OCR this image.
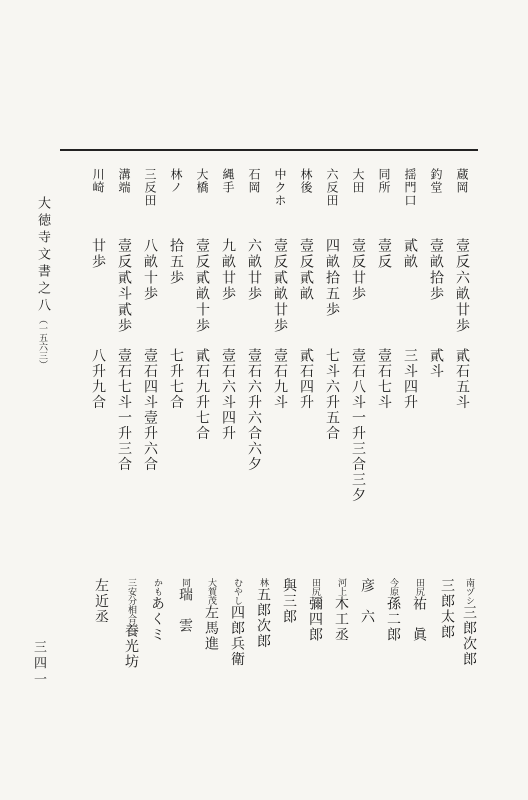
大徳寺文書之八（一五六三）
蔵岡
釣堂
揺門口
同所
大田
六反田
林後
中クホ
石岡
縄手
大橋
林ノ
三反田
溝端
川崎
壹反六畝廿歩
壹畝拾歩
貳畝
壹反
壹反廿歩
四畝拾五歩
壹反貳畝
壹反貳畝廿歩
六畝廿歩
九畝廿歩
壹反貳畝十歩
拾五歩
八畝十歩
壹反貳斗貳歩
廿歩
貳石五斗
貳斗
三斗四升
壹石七斗
壹石八斗一升三合三夕
七斗六升五合
貳石四升
壹石九斗
壹石六升六合六夕
壹石六斗四升
貳石九升七合
七升七合
壹石四斗壹升六合
壹石七斗一升三合
八升九合
南ヅシ三郎次郎
三郎太郎
田尻祐　眞
今原孫二郎
彦　六
河上木工丞
田尻彌四郎
與三郎
林五郎次郎
むやし四郎兵衛
大賀茂左馬進
同瑞　雲
かもあくミ
三安分相合養光坊
左近丞
三四一
